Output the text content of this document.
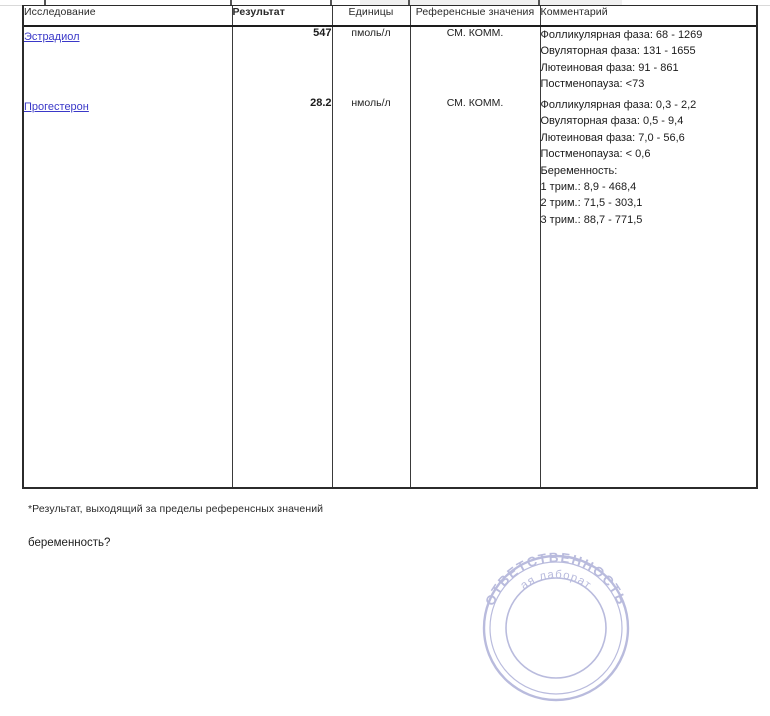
Исследование	Результат	Единицы	Референсные значения	Комментарий
Эстрадиол	547	пмоль/л	СМ. КОММ.	Фолликулярная фаза: 68 - 1269
Овуляторная фаза: 131 - 1655
Лютеиновая фаза: 91 - 861
Постменопауза: <73

Прогестерон	28.2	нмоль/л	СМ. КОММ.	Фолликулярная фаза: 0,3 - 2,2
Овуляторная фаза: 0,5 - 9,4
Лютеиновая фаза: 7,0 - 56,6
Постменопауза: < 0,6
Беременность:
1 трим.: 8,9 - 468,4
2 трим.: 71,5 - 303,1
3 трим.: 88,7 - 771,5

*Результат, выходящий за пределы референсных значений
беременность?
ОТВЕТСТВЕННОСТЬ
ая лаборат
